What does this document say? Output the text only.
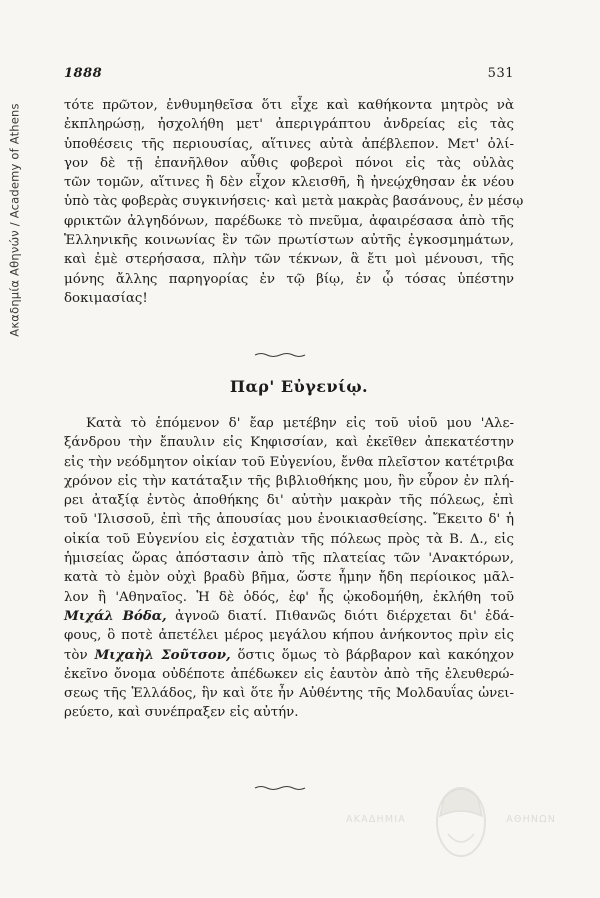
Ακαδημία Αθηνών / Academy of Athens
1888	531
τότε πρῶτον, ἐνθυμηθεῖσα ὅτι εἶχε καὶ καθήκοντα μητρὸς νὰ
ἐκπληρώσῃ, ἠσχολήθη μετ' ἀπεριγράπτου ἀνδρείας εἰς τὰς
ὑποθέσεις τῆς περιουσίας, αἵτινες αὐτὰ ἀπέβλεπον. Μετ' ὀλί-
γον δὲ τῇ ἐπανῆλθον αὖθις φοβεροὶ πόνοι εἰς τὰς οὐλὰς
τῶν τομῶν, αἵτινες ἢ δὲν εἶχον κλεισθῆ, ἢ ἠνεῴχθησαν ἐκ νέου
ὑπὸ τὰς φοβερὰς συγκινήσεις· καὶ μετὰ μακρὰς βασάνους, ἐν μέσῳ
φρικτῶν ἀλγηδόνων, παρέδωκε τὸ πνεῦμα, ἀφαιρέσασα ἀπὸ τῆς
Ἑλληνικῆς κοινωνίας ἓν τῶν πρωτίστων αὐτῆς ἐγκοσμημάτων,
καὶ ἐμὲ στερήσασα, πλὴν τῶν τέκνων, ἃ ἔτι μοὶ μένουσι, τῆς
μόνης ἄλλης παρηγορίας ἐν τῷ βίῳ, ἐν ᾧ τόσας ὑπέστην
δοκιμασίας!
Παρ' Εὐγενίῳ.
Κατὰ τὸ ἑπόμενον δ' ἔαρ μετέβην εἰς τοῦ υἱοῦ μου 'Αλε-
ξάνδρου τὴν ἔπαυλιν εἰς Κηφισσίαν, καὶ ἐκεῖθεν ἀπεκατέστην
εἰς τὴν νεόδμητον οἰκίαν τοῦ Εὐγενίου, ἔνθα πλεῖστον κατέτριβα
χρόνον εἰς τὴν κατάταξιν τῆς βιβλιοθήκης μου, ἣν εὗρον ἐν πλή-
ρει ἀταξίᾳ ἐντὸς ἀποθήκης δι' αὐτὴν μακρὰν τῆς πόλεως, ἐπὶ
τοῦ 'Ιλισσοῦ, ἐπὶ τῆς ἀπουσίας μου ἐνοικιασθείσης. Ἔκειτο δ' ἡ
οἰκία τοῦ Εὐγενίου εἰς ἐσχατιὰν τῆς πόλεως πρὸς τὰ Β. Δ., εἰς
ἡμισείας ὥρας ἀπόστασιν ἀπὸ τῆς πλατείας τῶν 'Ανακτόρων,
κατὰ τὸ ἐμὸν οὐχὶ βραδὺ βῆμα, ὥστε ἦμην ἤδη περίοικος μᾶλ-
λον ἢ 'Αθηναῖος. Ἡ δὲ ὁδός, ἐφ' ἧς ᾠκοδομήθη, ἐκλήθη τοῦ
Μιχάλ Βόδα, ἀγνοῶ διατί. Πιθανῶς διότι διέρχεται δι' ἐδά-
φους, ὃ ποτὲ ἀπετέλει μέρος μεγάλου κήπου ἀνήκοντος πρὶν εἰς
τὸν Μιχαὴλ Σοῦτσον, ὅστις ὅμως τὸ βάρβαρον καὶ κακόηχον
ἐκεῖνο ὄνομα οὐδέποτε ἀπέδωκεν εἰς ἑαυτὸν ἀπὸ τῆς ἐλευθερώ-
σεως τῆς Ἑλλάδος, ἣν καὶ ὅτε ἦν Αὐθέντης τῆς Μολδαυΐας ὠνει-
ρεύετο, καὶ συνέπραξεν εἰς αὐτήν.
ΑΚΑΔΗΜΙΑ	ΑΘΗΝΩΝ
